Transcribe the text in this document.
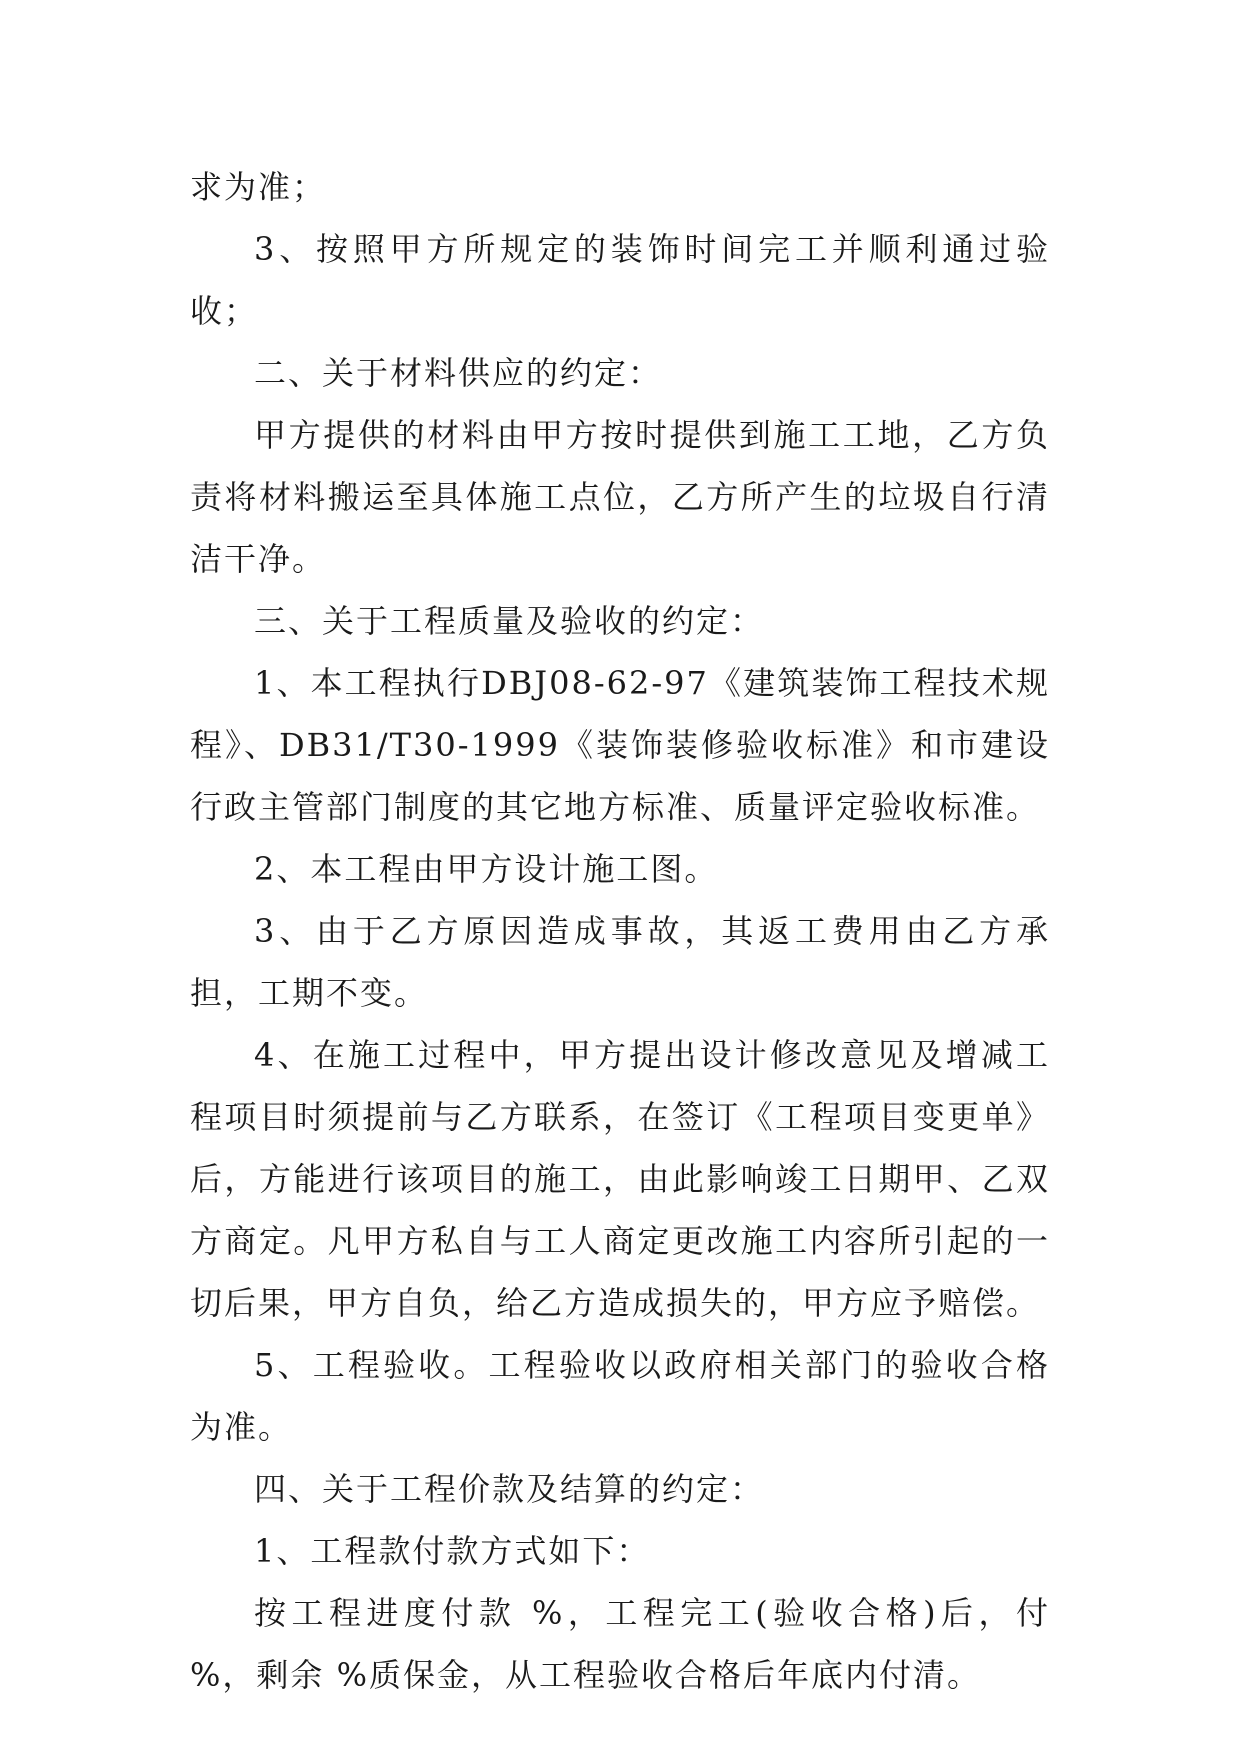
求为准；

3、按照甲方所规定的装饰时间完工并顺利通过验收；

二、关于材料供应的约定：

甲方提供的材料由甲方按时提供到施工工地，乙方负责将材料搬运至具体施工点位，乙方所产生的垃圾自行清洁干净。

三、关于工程质量及验收的约定：

1、本工程执行DBJ08-62-97《建筑装饰工程技术规程》、DB31/T30-1999《装饰装修验收标准》和市建设行政主管部门制度的其它地方标准、质量评定验收标准。

2、本工程由甲方设计施工图。

3、由于乙方原因造成事故，其返工费用由乙方承担，工期不变。

4、在施工过程中，甲方提出设计修改意见及增减工程项目时须提前与乙方联系，在签订《工程项目变更单》后，方能进行该项目的施工，由此影响竣工日期甲、乙双方商定。凡甲方私自与工人商定更改施工内容所引起的一切后果，甲方自负，给乙方造成损失的，甲方应予赔偿。

5、工程验收。工程验收以政府相关部门的验收合格为准。

四、关于工程价款及结算的约定：

1、工程款付款方式如下：

按工程进度付款 %，工程完工(验收合格)后，付 %，剩余 %质保金，从工程验收合格后年底内付清。
